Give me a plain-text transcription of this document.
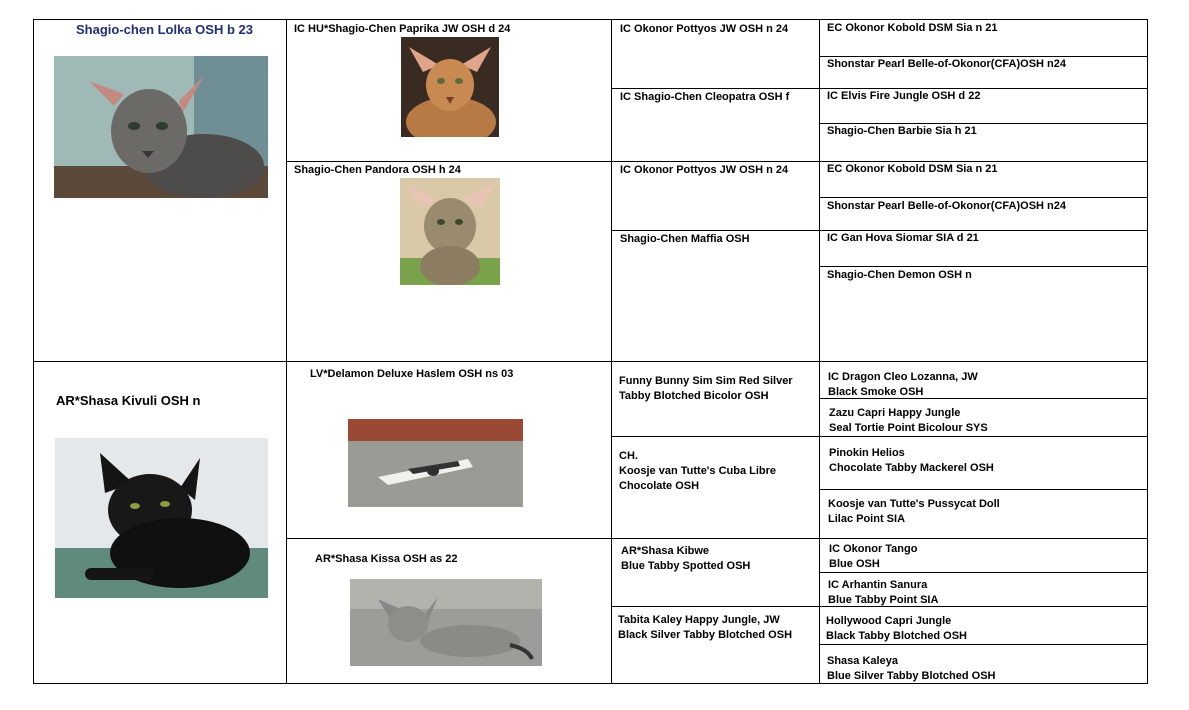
Shagio-chen Lolka OSH b 23	IC HU*Shagio-Chen Paprika JW OSH d 24
Shagio-Chen Pandora OSH h 24
IC Okonor Pottyos JW OSH n 24
IC Shagio-Chen Cleopatra OSH f
IC Okonor Pottyos JW OSH n 24
Shagio-Chen Maffia OSH
EC Okonor Kobold DSM Sia n 21
Shonstar Pearl Belle-of-Okonor(CFA)OSH n24
IC Elvis Fire Jungle OSH d 22
Shagio-Chen Barbie Sia h 21
EC Okonor Kobold DSM Sia n 21
Shonstar Pearl Belle-of-Okonor(CFA)OSH n24
IC Gan Hova Siomar SIA d 21
Shagio-Chen Demon OSH n
AR*Shasa Kivuli OSH n
LV*Delamon Deluxe Haslem OSH ns 03
AR*Shasa Kissa OSH as 22
Funny Bunny Sim Sim Red Silver
Tabby Blotched Bicolor OSH
CH.
Koosje van Tutte's Cuba Libre
Chocolate OSH
AR*Shasa Kibwe
Blue Tabby Spotted OSH
Tabita Kaley Happy Jungle, JW
Black Silver Tabby Blotched OSH
IC Dragon Cleo Lozanna, JW
Black Smoke OSH
Zazu Capri Happy Jungle
Seal Tortie Point Bicolour SYS
Pinokin Helios
Chocolate Tabby Mackerel OSH
Koosje van Tutte's Pussycat Doll
Lilac Point SIA
IC Okonor Tango
Blue OSH
IC Arhantin Sanura
Blue Tabby Point SIA
Hollywood Capri Jungle
Black Tabby Blotched OSH
Shasa Kaleya
Blue Silver Tabby Blotched OSH
